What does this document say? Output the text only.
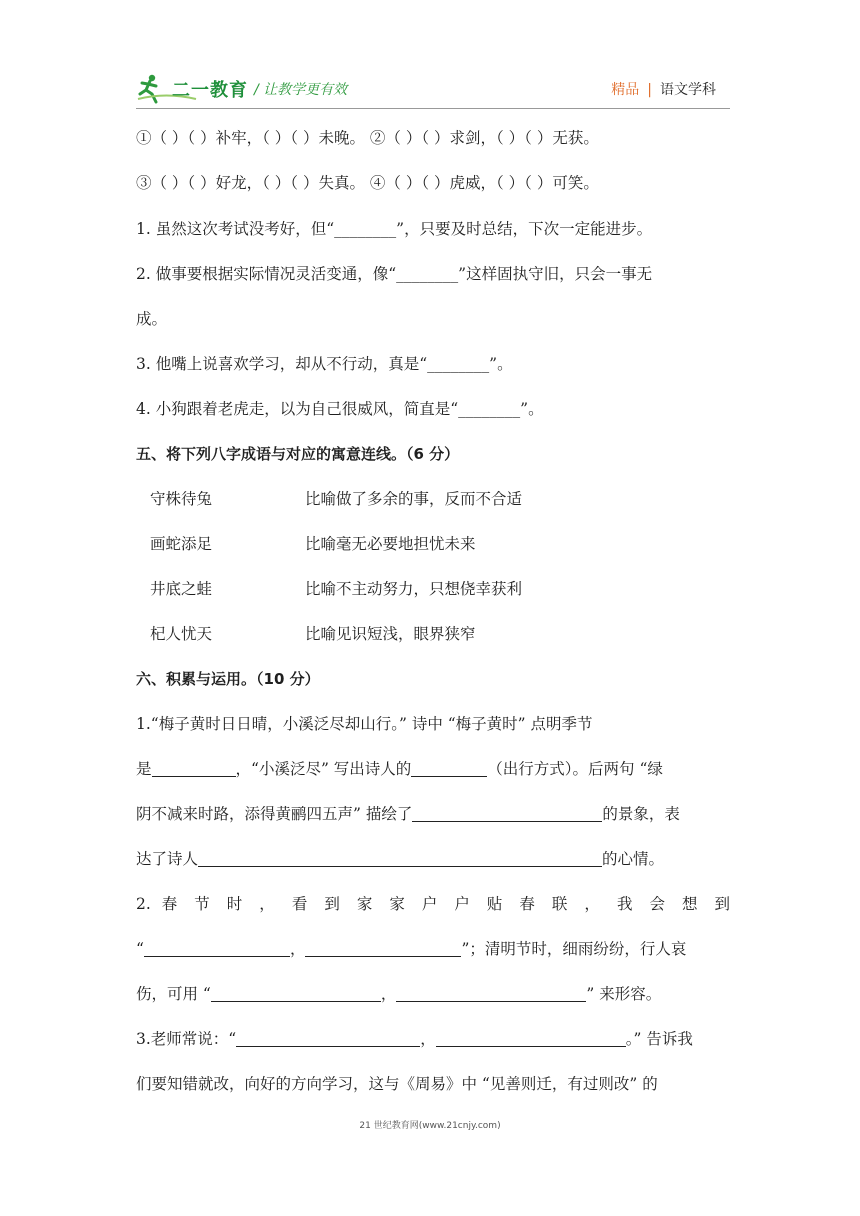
二一教育 / 让教学更有效	精品 | 语文学科
①（ ）（ ）补牢，（ ）（ ）未晚。 ②（ ）（ ）求剑，（ ）（ ）无获。
③（ ）（ ）好龙，（ ）（ ）失真。 ④（ ）（ ）虎威，（ ）（ ）可笑。
1. 虽然这次考试没考好，但“________”，只要及时总结，下次一定能进步。
2. 做事要根据实际情况灵活变通，像“________”这样固执守旧，只会一事无
成。
3. 他嘴上说喜欢学习，却从不行动，真是“________”。
4. 小狗跟着老虎走，以为自己很威风，简直是“________”。
五、将下列八字成语与对应的寓意连线。（6 分）
守株待兔	比喻做了多余的事，反而不合适
画蛇添足	比喻毫无必要地担忧未来
井底之蛙	比喻不主动努力，只想侥幸获利
杞人忧天	比喻见识短浅，眼界狭窄
六、积累与运用。（10 分）
1.“梅子黄时日日晴，小溪泛尽却山行。” 诗中 “梅子黄时” 点明季节
是	，“小溪泛尽” 写出诗人的	（出行方式）。后两句 “绿
阴不减来时路，添得黄鹂四五声” 描绘了	的景象，表
达了诗人	的心情。
2. 春 节 时 ， 看 到 家 家 户 户 贴 春 联 ， 我 会 想 到
“	，	”；清明节时，细雨纷纷，行人哀
伤，可用 “	，	” 来形容。
3.老师常说：“	，	。” 告诉我
们要知错就改，向好的方向学习，这与《周易》中 “见善则迁，有过则改” 的
21 世纪教育网(www.21cnjy.com)
